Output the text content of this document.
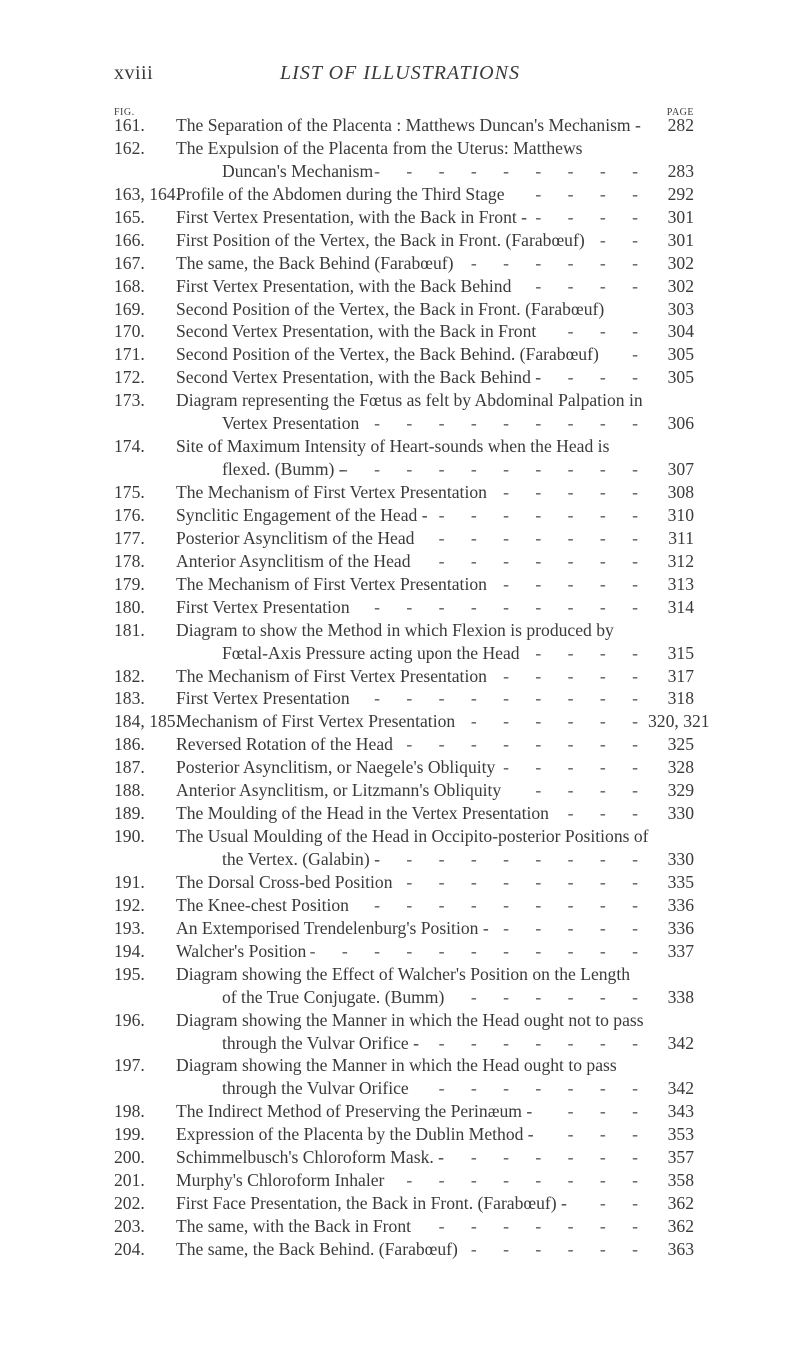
xviii	LIST OF ILLUSTRATIONS
FIG.	PAGE
161. The Separation of the Placenta : Matthews Duncan's Mechanism -	282
162. The Expulsion of the Placenta from the Uterus: Matthews
Duncan's Mechanism -  -  -  -  -  -  -  -  -	283
163, 164.
Profile of the Abdomen during the Third Stage -  -  -  -	292
165. First Vertex Presentation, with the Back in Front - -  -  -  -	301
166. First Position of the Vertex, the Back in Front. (Farabœuf) -  -	301
167. The same, the Back Behind (Farabœuf) -  -  -  -  -  -	302
168. First Vertex Presentation, with the Back Behind -  -  -  -	302
169. Second Position of the Vertex, the Back in Front. (Farabœuf)	303
170. Second Vertex Presentation, with the Back in Front -  -  -	304
171. Second Position of the Vertex, the Back Behind. (Farabœuf) -	305
172. Second Vertex Presentation, with the Back Behind - -  -  -	305
173. Diagram representing the Fœtus as felt by Abdominal Palpation in
Vertex Presentation -  -  -  -  -  -  -  -  -	306
174. Site of Maximum Intensity of Heart-sounds when the Head is
flexed. (Bumm) -
-  -  -  -  -  -  -  -  -  -	307
175. The Mechanism of First Vertex Presentation -  -  -  -  -	308
176. Synclitic Engagement of the Head - -  -  -  -  -  -  -	310
177. Posterior Asynclitism of the Head -  -  -  -  -  -  -	311
178. Anterior Asynclitism of the Head -  -  -  -  -  -  -	312
179. The Mechanism of First Vertex Presentation -  -  -  -  -	313
180. First Vertex Presentation -  -  -  -  -  -  -  -  -	314
181. Diagram to show the Method in which Flexion is produced by
Fœtal-Axis Pressure acting upon the Head -  -  -  -	315
182. The Mechanism of First Vertex Presentation -  -  -  -  -	317
183. First Vertex Presentation -  -  -  -  -  -  -  -  -	318
184, 185.
Mechanism of First Vertex Presentation -  -  -  -  -  - 320, 321
186. Reversed Rotation of the Head -  -  -  -  -  -  -  -	325
187. Posterior Asynclitism, or Naegele's Obliquity -  -  -  -  -	328
188. Anterior Asynclitism, or Litzmann's Obliquity -  -  -  -	329
189. The Moulding of the Head in the Vertex Presentation -  -  -	330
190. The Usual Moulding of the Head in Occipito-posterior Positions of
the Vertex. (Galabin) - -  -  -  -  -  -  -  -	330
191. The Dorsal Cross-bed Position -  -  -  -  -  -  -  -	335
192. The Knee-chest Position -  -  -  -  -  -  -  -  -	336
193. An Extemporised Trendelenburg's Position - -  -  -  -  -	336
194. Walcher's Position -  -  -  -  -  -  -  -  -  -  -	337
195. Diagram showing the Effect of Walcher's Position on the Length
of the True Conjugate. (Bumm) -  -  -  -  -  -	338
196. Diagram showing the Manner in which the Head ought not to pass
through the Vulvar Orifice - -  -  -  -  -  -  -	342
197. Diagram showing the Manner in which the Head ought to pass
through the Vulvar Orifice -  -  -  -  -  -  -	342
198. The Indirect Method of Preserving the Perinæum - -  -  -	343
199. Expression of the Placenta by the Dublin Method - -  -  -	353
200. Schimmelbusch's Chloroform Mask. - -  -  -  -  -  -	357
201. Murphy's Chloroform Inhaler -  -  -  -  -  -  -  -	358
202. First Face Presentation, the Back in Front. (Farabœuf) - -  -	362
203. The same, with the Back in Front -  -  -  -  -  -  -	362
204. The same, the Back Behind. (Farabœuf) -  -  -  -  -  -	363
